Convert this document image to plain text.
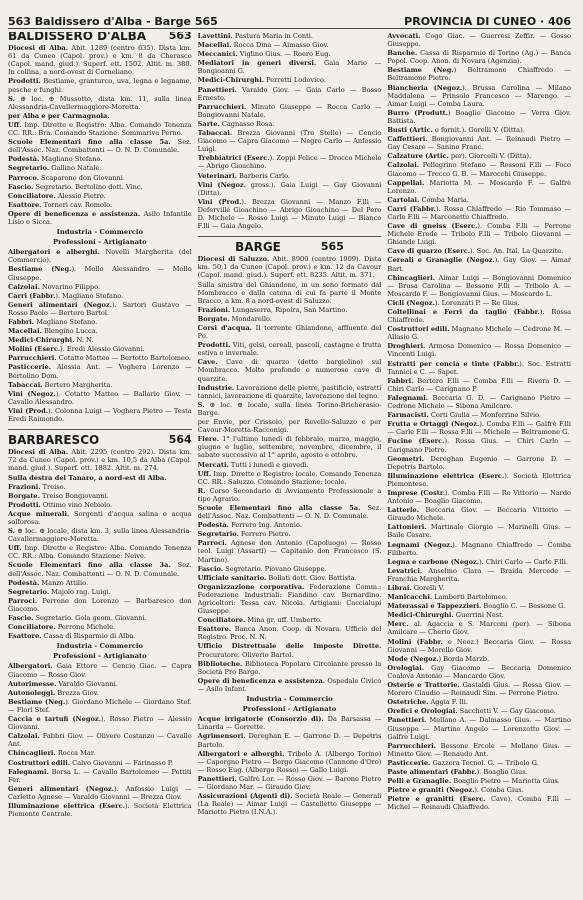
563 Baldissero d'Alba - Barge 565	PROVINCIA DI CUNEO · 406
BALDISSERO D'ALBA 563

Diocesi di Alba. Abit. 1289 (centro 635). Dista km. 61 da Cuneo (Capol. prov.) e km. 8 da Cherasco (Capol. mand. giud.). Superf. ett. 1502. Altit. m. 380. In collina, a nord-ovest di Corneliano.

Prodotti. Bestiame, granturco, uva, legna e legname, pesche e funghi.

S. ⊕ loc. ⊕ Mussotto, dista km. 11, sulla linea Alessandria-Cavallermaggiore-Moretta.

per Alba e per Carmagnola.

Uff. Imp. Dirette e Registro: Alba. Comando Tenenza CC. RR.: Bra. Comando Stazione: Sommariva Perno.

Scuole Elementari fino alla classe 5a. Sez. dell'Assoc. Naz. Combattenti — O. N. D. Comunale.

Podestà. Magliano Stefano.

Segretario. Gallino Natale.

Parroco. Scaparone don Giovanni.

Fascio. Segretario. Bertolino dott. Vinc.

Conciliatore. Alessio Pietro.

Esattore. Torneri cav. Romolo.

Opere di beneficenza e assistenza. Asilo Infantile Lisio e Sicca.

Industria - Commercio
Professioni - Artigianato

Albergatori e alberghi. Novelli Margherita (del Commercio).

Bestiame (Neg.). Mollo Alessandro — Mollo Giuseppe.

Calzolai. Novarino Filippo.

Carri (Fabbr.). Magliano Stefano.

Generi alimentari (Negoz.). Sartori Gustavo — Rosso Paolo — Bertero Bartol.

Fabbri. Magliano Stefano.

Macellai. Blengino Lucca.

Medici-Chirurghi. N. N.

Molini (Eserc.). Eredi Alessio Giovanni.

Parrucchieri. Cotatto Matteo — Bertotto Bartolomeo.

Pasticcerie. Alessia Ant. — Voghera Lorenzo — Bertolino Dom.

Tabaccai. Bertero Margherita.

Vini (Negoz.). Cotatto Matteo — Ballario Giov. — Cavallo Alessandro.

Vini (Prod.). Colonna Luigi — Voghera Pietro — Testa Eredi Raimondo.

BARBARESCO	564

Diocesi di Alba. Abit. 2295 (centro 292). Dista km. 72 da Cuneo (Capol. prov.) e km. 10,5 da Alba (Capol. mand. giud.). Superf. ett. 1882. Altit. m. 274.

Sulla destra del Tanaro, a nord-est di Alba.

Frazioni. Treiso.

Borgate. Treiso Bongiovanni.

Prodotti. Ottimo vino Nebiolo.

Acque minerali. Sorgenti d'acqua salina e acqua solforosa.

S. ⊕ loc. ⊕ locale, dista km. 3, sulla linea Alessandria-Cavallermaggiore-Moretta.

Uff. Imp. Dirette e Registro: Alba. Comando Tenenza CC. RR.: Alba. Comando Stazione: Neive.

Scuole Elementari fino alla classe 3a. Sez. dell'Assoc. Naz. Combattenti — O. N. D. Comunale.

Podestà. Manzo Attilio.

Segretario. Majolo rag. Luigi.

Parroci. Perrone don Lorenzo — Barbaresco don Giacomo.

Fascio. Segretario. Gola geom. Giovanni.

Conciliatore. Perrone Michele.

Esattore. Cassa di Risparmio di Alba.

Industria - Commercio
Professioni - Artigianato

Albergatori. Gaia Ettore — Cencio Giac. — Capra Giacomo — Rosso Giov.

Autorimesse. Varaldo Giovanni.

Autonoleggi. Brezza Giov.

Bestiame (Neg.). Giordano Michele — Giordano Stef. — Florì Stef.

Caccia e tartufi (Negoz.). Rosso Pietro — Alessio Giovanni.

Calzolai. Fabbri Giov. — Olivero Costanzo — Cavallo Ant.

Chincaglieri. Rocca Mar.

Costruttori edili. Calvo Giovanni — Farinasso P.

Falegnami. Borsa L. — Cavallo Bartolomeo — Pettiti Fer.

Generi alimentari (Negoz.). Anfossio Luigi — Carletto Agnese — Varaldo Giovanni — Brezza Giov.

Illuminazione elettrica (Eserc.). Società Elettrica Piemonte Centrale.

Lavettini. Pastura Maria in Conti.

Macellai. Rocca Dina — Aimasso Giov.

Meccanici. Viglino Gius. — Roero Eug.

Mediatori in generi diversi. Gaia Mario — Bongioanni G.

Medici-Chirurghi. Perretti Lodovico.

Panettieri. Varaldo Giov. — Gaia Carlo — Bosso Ernesto.

Parrucchieri. Minuto Giuseppe — Rocca Carlo — Bongiovanni Natale.

Sarte. Cagnasso Rosa.

Tabaccai. Brezza Giovanni (Tre Stelle) — Cencio Giacomo — Capra Giacomo — Negro Carlo — Anfossio Luigi.

Trebbiatrici (Eserc.). Zoppi Felice — Drocco Michele — Abrigo Gioachino.

Veterinari. Barberis Carlo.

Vini (Negoz. gross.). Gaia Luigi — Gay Giovanni (Ditta).

Vini (Prod.). Brezza Giovanni — Manzo F.lli — Defervillé Gioachino — Abrigo Gioachino — Del Pero D. Michele — Rosso Luigi — Minuto Luigi — Bianco F.lli — Gaia Angelo.

BARGE	565

Diocesi di Saluzzo. Abit. 8900 (centro 1909). Dista km. 50,1 da Cuneo (Capol. prov.) e km. 12 da Cavour (Capol. mand. giud.). Superf. ett. 8235. Altit. m. 371.

Sulla sinistra del Ghiandone, in un seno formato dal Mombracco e dalla catena di cui fa parte il Monte Bracco, a km. 8 a nord-ovest di Saluzzo.

Frazioni. Lungaserra, Ripoira, San Martino.

Borgate. Mondarello.

Corsi d'acqua. Il torrente Ghiandone, affluente del Po.

Prodotti. Viti, gelsi, cereali, pascoli, castagne e frutta estiva e invernale.

Cave. Cave di quarzo (detto bargiolino) sul Mombracco. Molto profonde e numerose cave di quarzite.

Industrie. Lavorazione delle pietre, pastificio, estratti tannici, lavorazione di quarzite, lavorazione del legno.

S. ⊕ loc. ⊕ locale, sulla linea Torino-Bricherasio-Barge.

per Envie, per Crissolo, per Revello-Saluzzo e per Cavour-Moretta-Racconigi.

Fiere. 1° l'ultimo lunedì di febbraio, marzo, maggio, giugno e luglio, settembre, novembre, dicembre, il sabato successivo al 1° aprile, agosto e ottobre.

Mercati. Tutti i lunedì e giovedì.

Uff. Imp. Dirette e Registro: locale. Comando Tenenza CC. RR.: Saluzzo. Comando Stazione: locale.

R. Corso Secondario di Avviamento Professionale a tipo Agrario.

Scuole Elementari fino alla classe 5a. Sez. dell'Assoc. Naz. Combattenti — O. N. D. Comunale.

Podestà. Ferrero Ing. Antonio.

Segretario. Ferrero Pietro.

Parroci. Agnese don Antonio (Capoluogo) — Rosso teol. Luigi (Assarti) — Capitanio don Francesco (S. Martino).

Fascio. Segretario. Piovano Giuseppe.

Ufficiale sanitario. Bollati dott. Giov. Battista.

Organizzazione corporativa. Federazione Comm.: Federazione Industriali: Fiandino cav. Bernardino. Agricoltori: Tessa cav. Nicola. Artigiani: Caccialupi Giuseppe.

Conciliatore. Mina gr. uff. Umberto.

Esattore. Banca Anon. Coop. di Novara. Ufficio del Registro. Proc. N. N.

Ufficio Distrettuale delle Imposte Dirette. Procuratore. Oliverio Bartol.

Biblioteche. Biblioteca Popolare Circolante presso la Società Pro Barge.

Opere di beneficenza e assistenza. Ospedale Civico — Asilo Infant.

Industria - Commercio
Professioni - Artigianato

Acque irrigatorie (Consorzio di). Da Barsassa — Linarda — Gorrette.

Agrimensori. Dereghan E. — Garrone D. — Depetris Bartolo.

Albergatori e alberghi. Tribolo A. (Albergo Torino) — Caporgno Pietro — Bergo Giacomo (Cannone d'Oro) — Rosso Eug. (Albergo Rosso) — Gallo Luigi.

Panettieri. Galfrè Lor. — Rosso Giov. — Barone Pietro — Giordano Mar. — Giraudo Giov.

Assicurazioni (Agenti di). Società Reale — Generali (La Reale) — Aimar Luigi — Castelletto Giuseppe — Mariotto Pietro (I.N.A.).

Avvocati. Cogo Giac. — Guerresi Zeffir. — Gosso Giuseppe.

Banche. Cassa di Risparmio di Torino (Ag.) — Banca Popol. Coop. Anon. di Novara (Agenzia).

Bestiame (Neg.) Beltramone Chiaffredo — Beltramone Pietro.

Biancheria (Negoz.). Brussa Carolina — Milano Maddalena — Prinsolo Francesco — Marengo. — Aimar Luigi — Comba Laura.

Burro (Produtt.) Boaglio Giacomo — Verra Giov. Battista.

Busti (Artic. e fornit.). Gorelli V. (Ditta).

Caffettieri. Bongiovanni Ant. — Reinaudi Pietro — Gay Cesare — Sanino Franc.

Calzature (Artic. per). Giorcelli V. (Ditta).

Calzolai. Pellegrino Stefano — Rossoni F.lli — Foco Giacomo — Trecco G. B. — Marocchi Giuseppe.

Cappellai. Mariotta M. — Moscardo F. — Galfrè Lorenzo.

Cartolai. Comba Maria.

Carri (Fabbr.). Rossa Chiaffredo — Rio Tommaso — Carle F.lli — Marconetto Chiaffredo.

Cave di gneiss (Eserc.). Comba F.lli — Perrone Michele Erede — Tribolo F.lli — Tribolo Giovanni — Ghiande Luigi.

Cave di quarzo (Eserc.). Soc. An. Ital. La Quarzite.

Cereali e Granaglie (Negoz.). Gay Giov. — Aimar Bart.

Chincaglieri. Aimar Luigi — Bongiovanni Domenico — Brusa Carolina — Bessone F.lli — Tribolo A. — Moscardo F. — Bongiovanni Gius. — Moscardo L.

Cicli (Negoz.). Lorenzati P. — Re Gius.

Coltellinai e Ferri da taglio (Fabbr.). Rossa Chiaffredo.

Costruttori edili. Magnano Michele — Cedrone M. — Allasio G.

Droghieri. Armosa Domenico — Rossa Domenico — Vincenti Luigi.

Estratti per concia e tinte (Fabbr.). Soc. Estratti Tannici e C. — Sapet.

Fabbri. Bertero F.lli — Comba F.lli — Rivera D. — Chiri Carlo — Carignano P.

Falegnami. Beccaria G. D. — Carignano Pietro — Cedrone Michele — Sibona Amilcare.

Farmacisti. Corti Giulia — Monferrino Silvio.

Frutta e Ortaggi (Negoz.). Comba F.lli — Galfrè F.lli — Carle F.lli — Rossa F.lli — Michele — Beltramone G.

Fucine (Eserc.). Rossa Gius. — Chiri Carlo — Carignano Pietro.

Geometri. Dereghan Eugenio — Garrone D. — Depetris Bartolo.

Illuminazione elettrica (Eserc.). Società Elettrica Piemontese.

Imprese (Costr.). Comba F.lli — Re Vittorio — Nardo Antonio — Boaglio Giacomo.

Latterie. Beccaria Giov. — Beccaria Vittorio — Giraudo Michele.

Lattonieri. Martinale Giorgio — Marinelli Gius. — Baile Cesare.

Legnami (Negoz.). Magnano Chiaffredo — Comba Filiberto.

Legna e carbone (Negoz.). Chiri Carlo — Carle F.lli.

Levatrici. Anselmo Clara — Braida Mercede — Franchia Margherita.

Librai. Gorelli V.

Manicacchi. Lamberti Bartolomeo.

Materassai e Tappezzieri. Boaglio C. — Bessone G.

Medici-Chirurghi. Guerrini Nest.

Merc. al. Agaccia e S. Marconi (per). — Sibona Amilcare — Cherio Giov.

Molini (Fabbr. e Neoz.) Beccaria Giov. — Rossa Giovanni — Morello Giov.

Mode (Negoz.) Borda Marzb.

Orologiai. Gay Giacomo — Beccaria Domenico Coalova Antonio — Mancardo Giov.

Osterie e Trattorie. Gastaldi Gius. — Rossa Giov. — Morero Claudio — Reinaudi Sim. — Perrone Pietro.

Ostetriche. Aggia F. lli.

Orefici e Orologiai. Sacchetti V. — Gay Giacomo.

Panettieri. Mellano A. — Dalmasso Gius. — Martino Giuseppe — Martino Angelo — Lorenzotto Giov. — Galfrè Luigi.

Parrucchieri. Bessone Ercole — Mellano Gius. — Minetto Giov. — Renaudo Ant.

Pasticcerie. Gazzera Tecnol. G. — Tribolo G.

Paste alimentari (Fabbr.). Boaglio Gius.

Pelli e Granaglie. Boaglio Pietro — Mariotta Gius.

Pietre e graniti (Negoz.). Comba Gius.

Pietre e granitti (Eserc. Cave). Comba F.lli — Michel — Reinaudi Chiaffredo.
